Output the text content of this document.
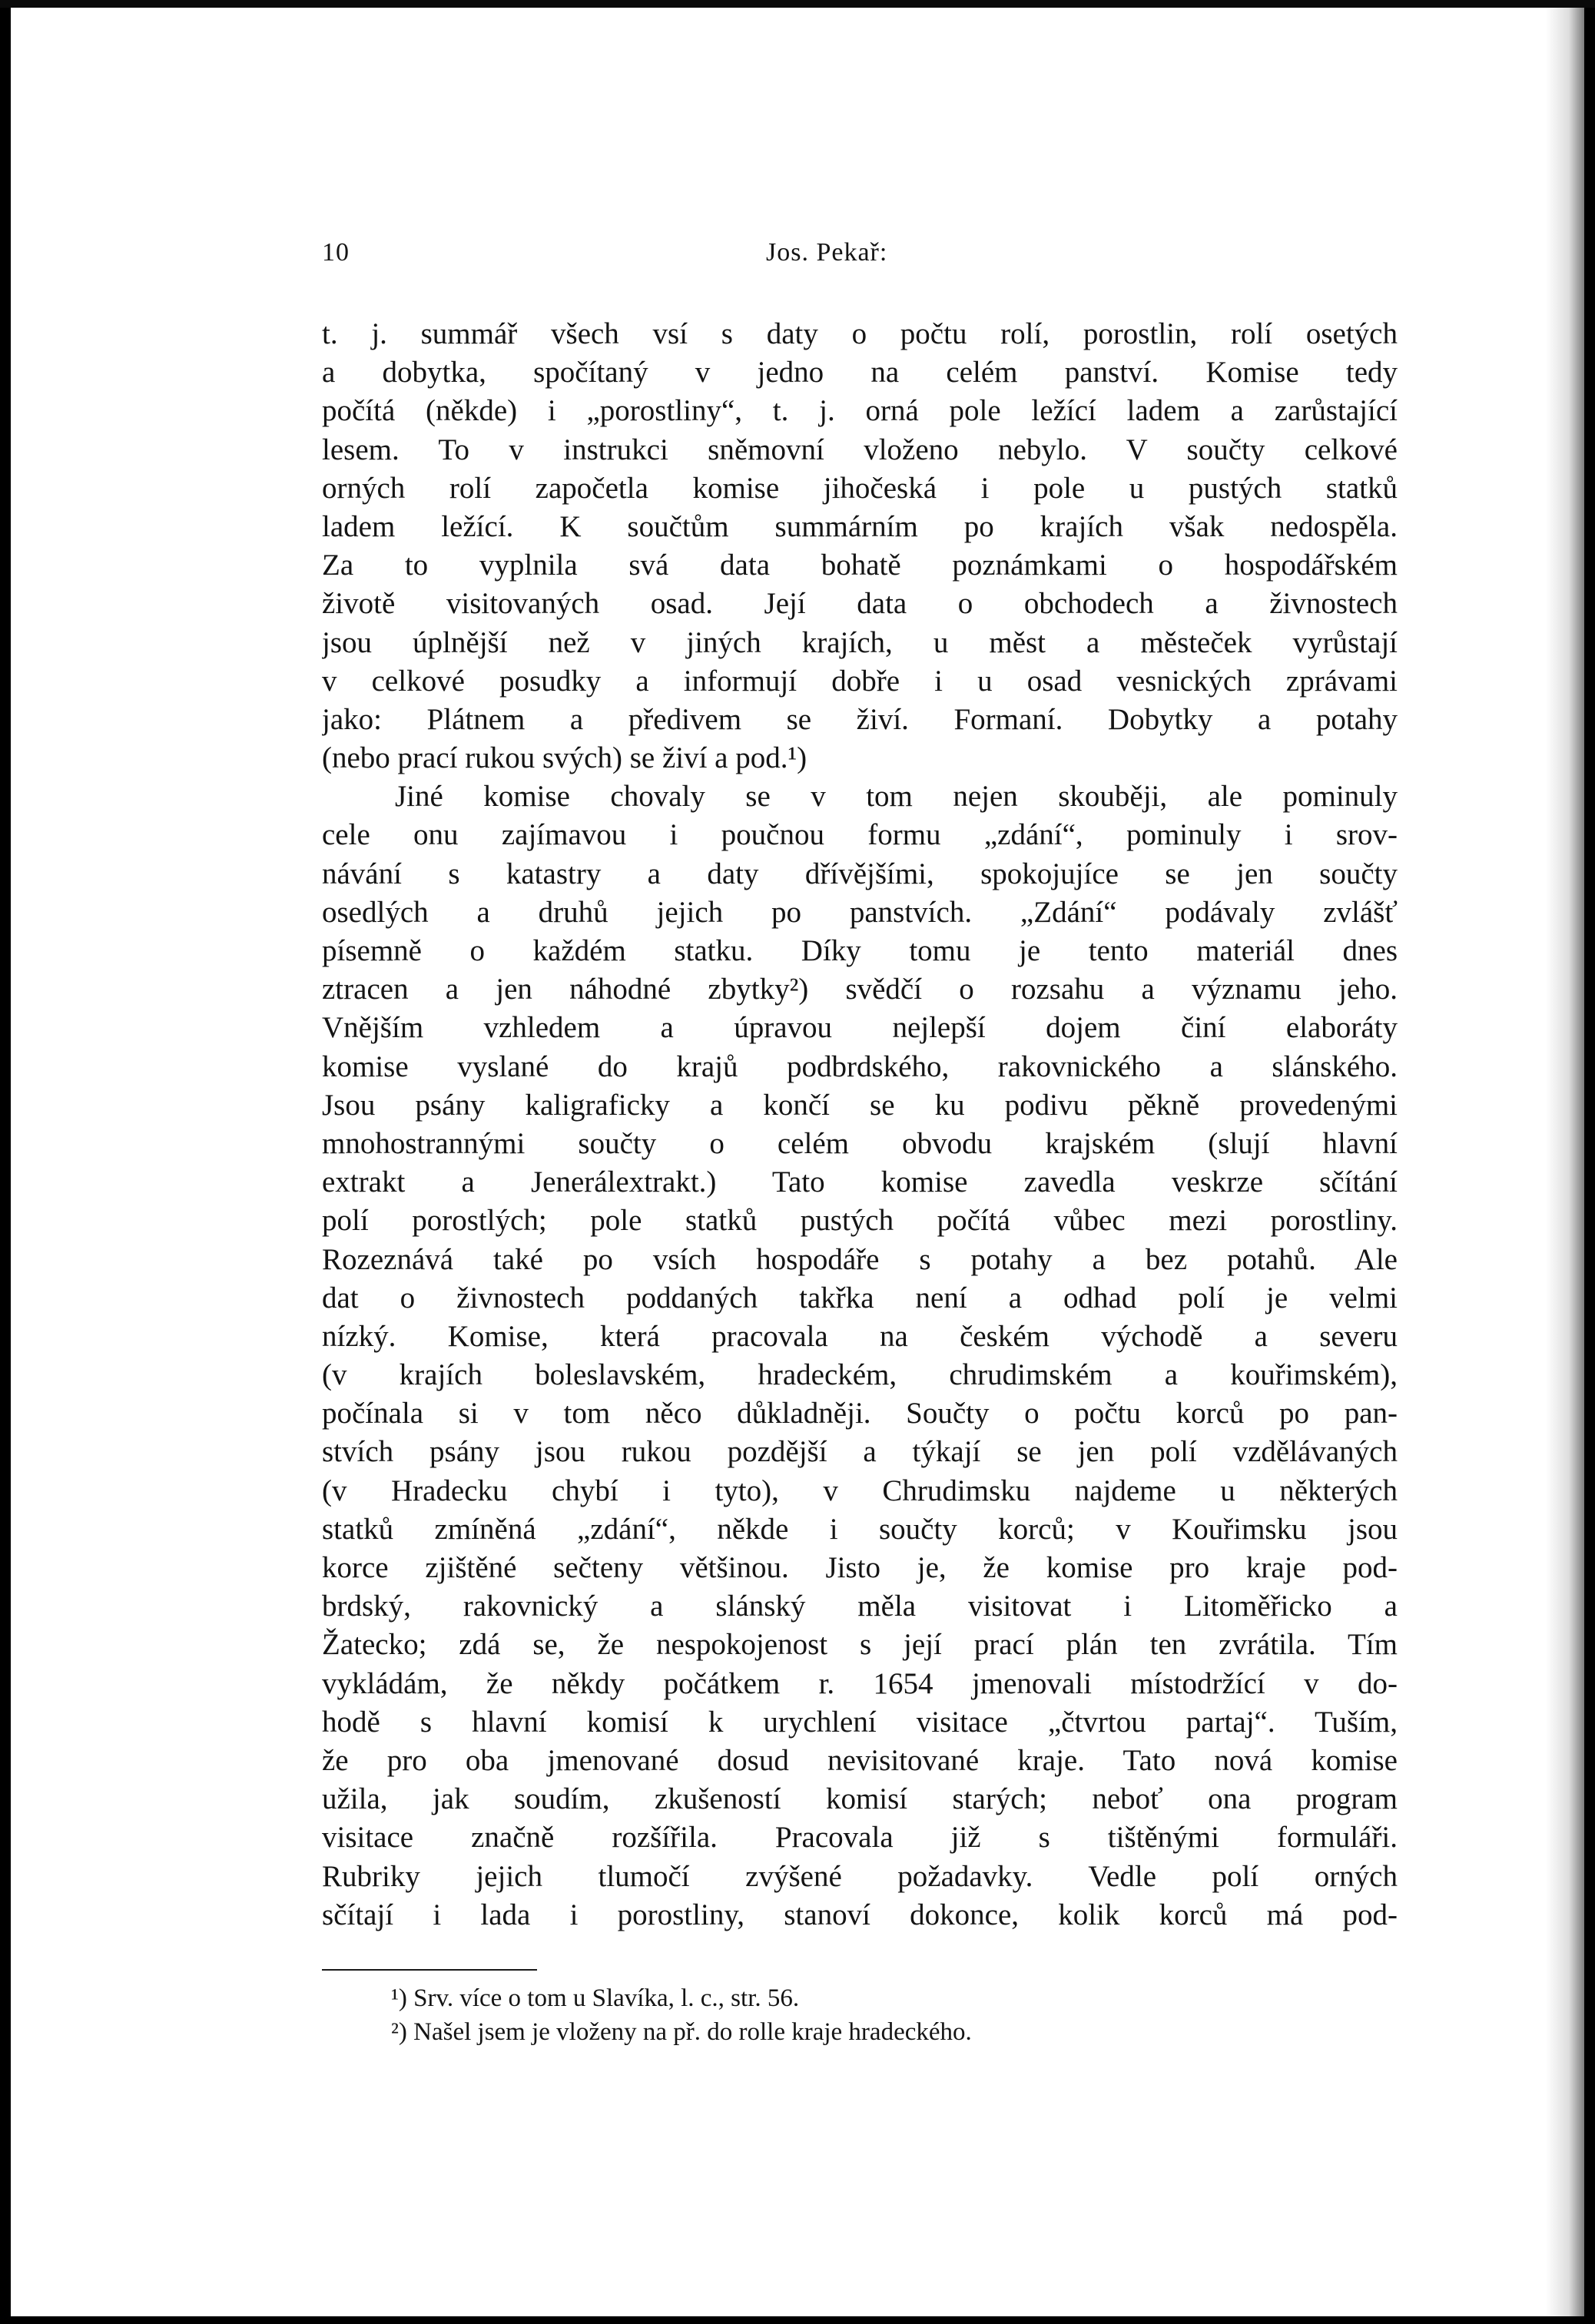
10	Jos. Pekař:
t. j. summář všech vsí s daty o počtu rolí, porostlin, rolí osetých
a dobytka, spočítaný v jedno na celém panství. Komise tedy
počítá (někde) i „porostliny“, t. j. orná pole ležící ladem a zarůstající
lesem. To v instrukci sněmovní vloženo nebylo. V součty celkové
orných rolí započetla komise jihočeská i pole u pustých statků
ladem ležící. K součtům summárním po krajích však nedospěla.
Za to vyplnila svá data bohatě poznámkami o hospodářském
životě visitovaných osad. Její data o obchodech a živnostech
jsou úplnější než v jiných krajích, u měst a městeček vyrůstají
v celkové posudky a informují dobře i u osad vesnických zprávami
jako: Plátnem a předivem se živí. Formaní. Dobytky a potahy
(nebo prací rukou svých) se živí a pod.¹)
Jiné komise chovaly se v tom nejen skouběji, ale pominuly
cele onu zajímavou i poučnou formu „zdání“, pominuly i srov-
návání s katastry a daty dřívějšími, spokojujíce se jen součty
osedlých a druhů jejich po panstvích. „Zdání“ podávaly zvlášť
písemně o každém statku. Díky tomu je tento materiál dnes
ztracen a jen náhodné zbytky²) svědčí o rozsahu a významu jeho.
Vnějším vzhledem a úpravou nejlepší dojem činí elaboráty
komise vyslané do krajů podbrdského, rakovnického a slánského.
Jsou psány kaligraficky a končí se ku podivu pěkně provedenými
mnohostrannými součty o celém obvodu krajském (slují hlavní
extrakt a Jenerálextrakt.) Tato komise zavedla veskrze sčítání
polí porostlých; pole statků pustých počítá vůbec mezi porostliny.
Rozeznává také po vsích hospodáře s potahy a bez potahů. Ale
dat o živnostech poddaných takřka není a odhad polí je velmi
nízký. Komise, která pracovala na českém východě a severu
(v krajích boleslavském, hradeckém, chrudimském a kouřimském),
počínala si v tom něco důkladněji. Součty o počtu korců po pan-
stvích psány jsou rukou pozdější a týkají se jen polí vzdělávaných
(v Hradecku chybí i tyto), v Chrudimsku najdeme u některých
statků zmíněná „zdání“, někde i součty korců; v Kouřimsku jsou
korce zjištěné sečteny většinou. Jisto je, že komise pro kraje pod-
brdský, rakovnický a slánský měla visitovat i Litoměřicko a
Žatecko; zdá se, že nespokojenost s její prací plán ten zvrátila. Tím
vykládám, že někdy počátkem r. 1654 jmenovali místodržící v do-
hodě s hlavní komisí k urychlení visitace „čtvrtou partaj“. Tuším,
že pro oba jmenované dosud nevisitované kraje. Tato nová komise
užila, jak soudím, zkušeností komisí starých; neboť ona program
visitace značně rozšířila. Pracovala již s tištěnými formuláři.
Rubriky jejich tlumočí zvýšené požadavky. Vedle polí orných
sčítají i lada i porostliny, stanoví dokonce, kolik korců má pod-
¹) Srv. více o tom u Slavíka, l. c., str. 56.
²) Našel jsem je vloženy na př. do rolle kraje hradeckého.
